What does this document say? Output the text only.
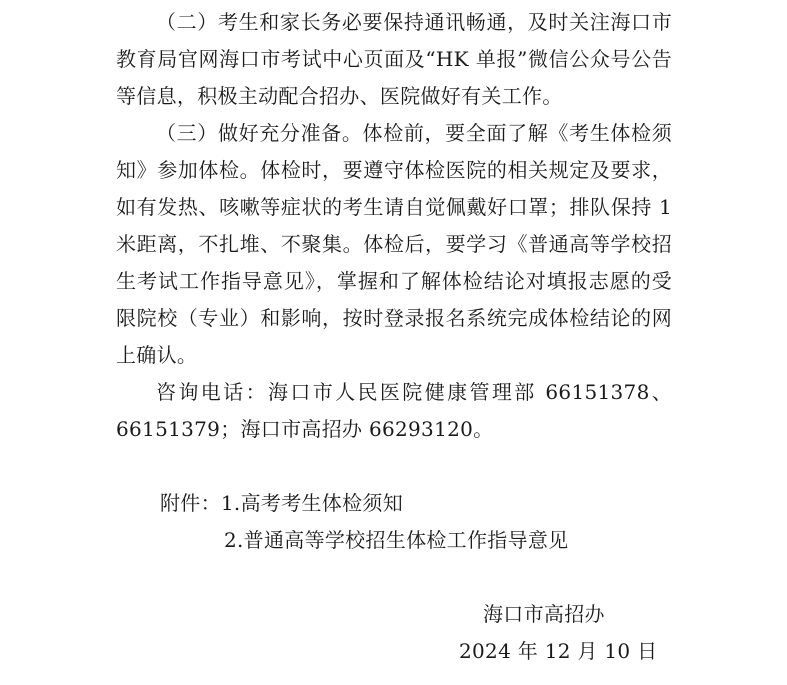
（二）考生和家长务必要保持通讯畅通，及时关注海口市教育局官网海口市考试中心页面及“HK 单报”微信公众号公告等信息，积极主动配合招办、医院做好有关工作。

（三）做好充分准备。体检前，要全面了解《考生体检须知》参加体检。体检时，要遵守体检医院的相关规定及要求，如有发热、咳嗽等症状的考生请自觉佩戴好口罩；排队保持 1 米距离，不扎堆、不聚集。体检后，要学习《普通高等学校招生考试工作指导意见》，掌握和了解体检结论对填报志愿的受限院校（专业）和影响，按时登录报名系统完成体检结论的网上确认。

咨询电话：海口市人民医院健康管理部 66151378、66151379；海口市高招办 66293120。

附件：1.高考考生体检须知
2.普通高等学校招生体检工作指导意见
海口市高招办
2024 年 12 月 10 日
